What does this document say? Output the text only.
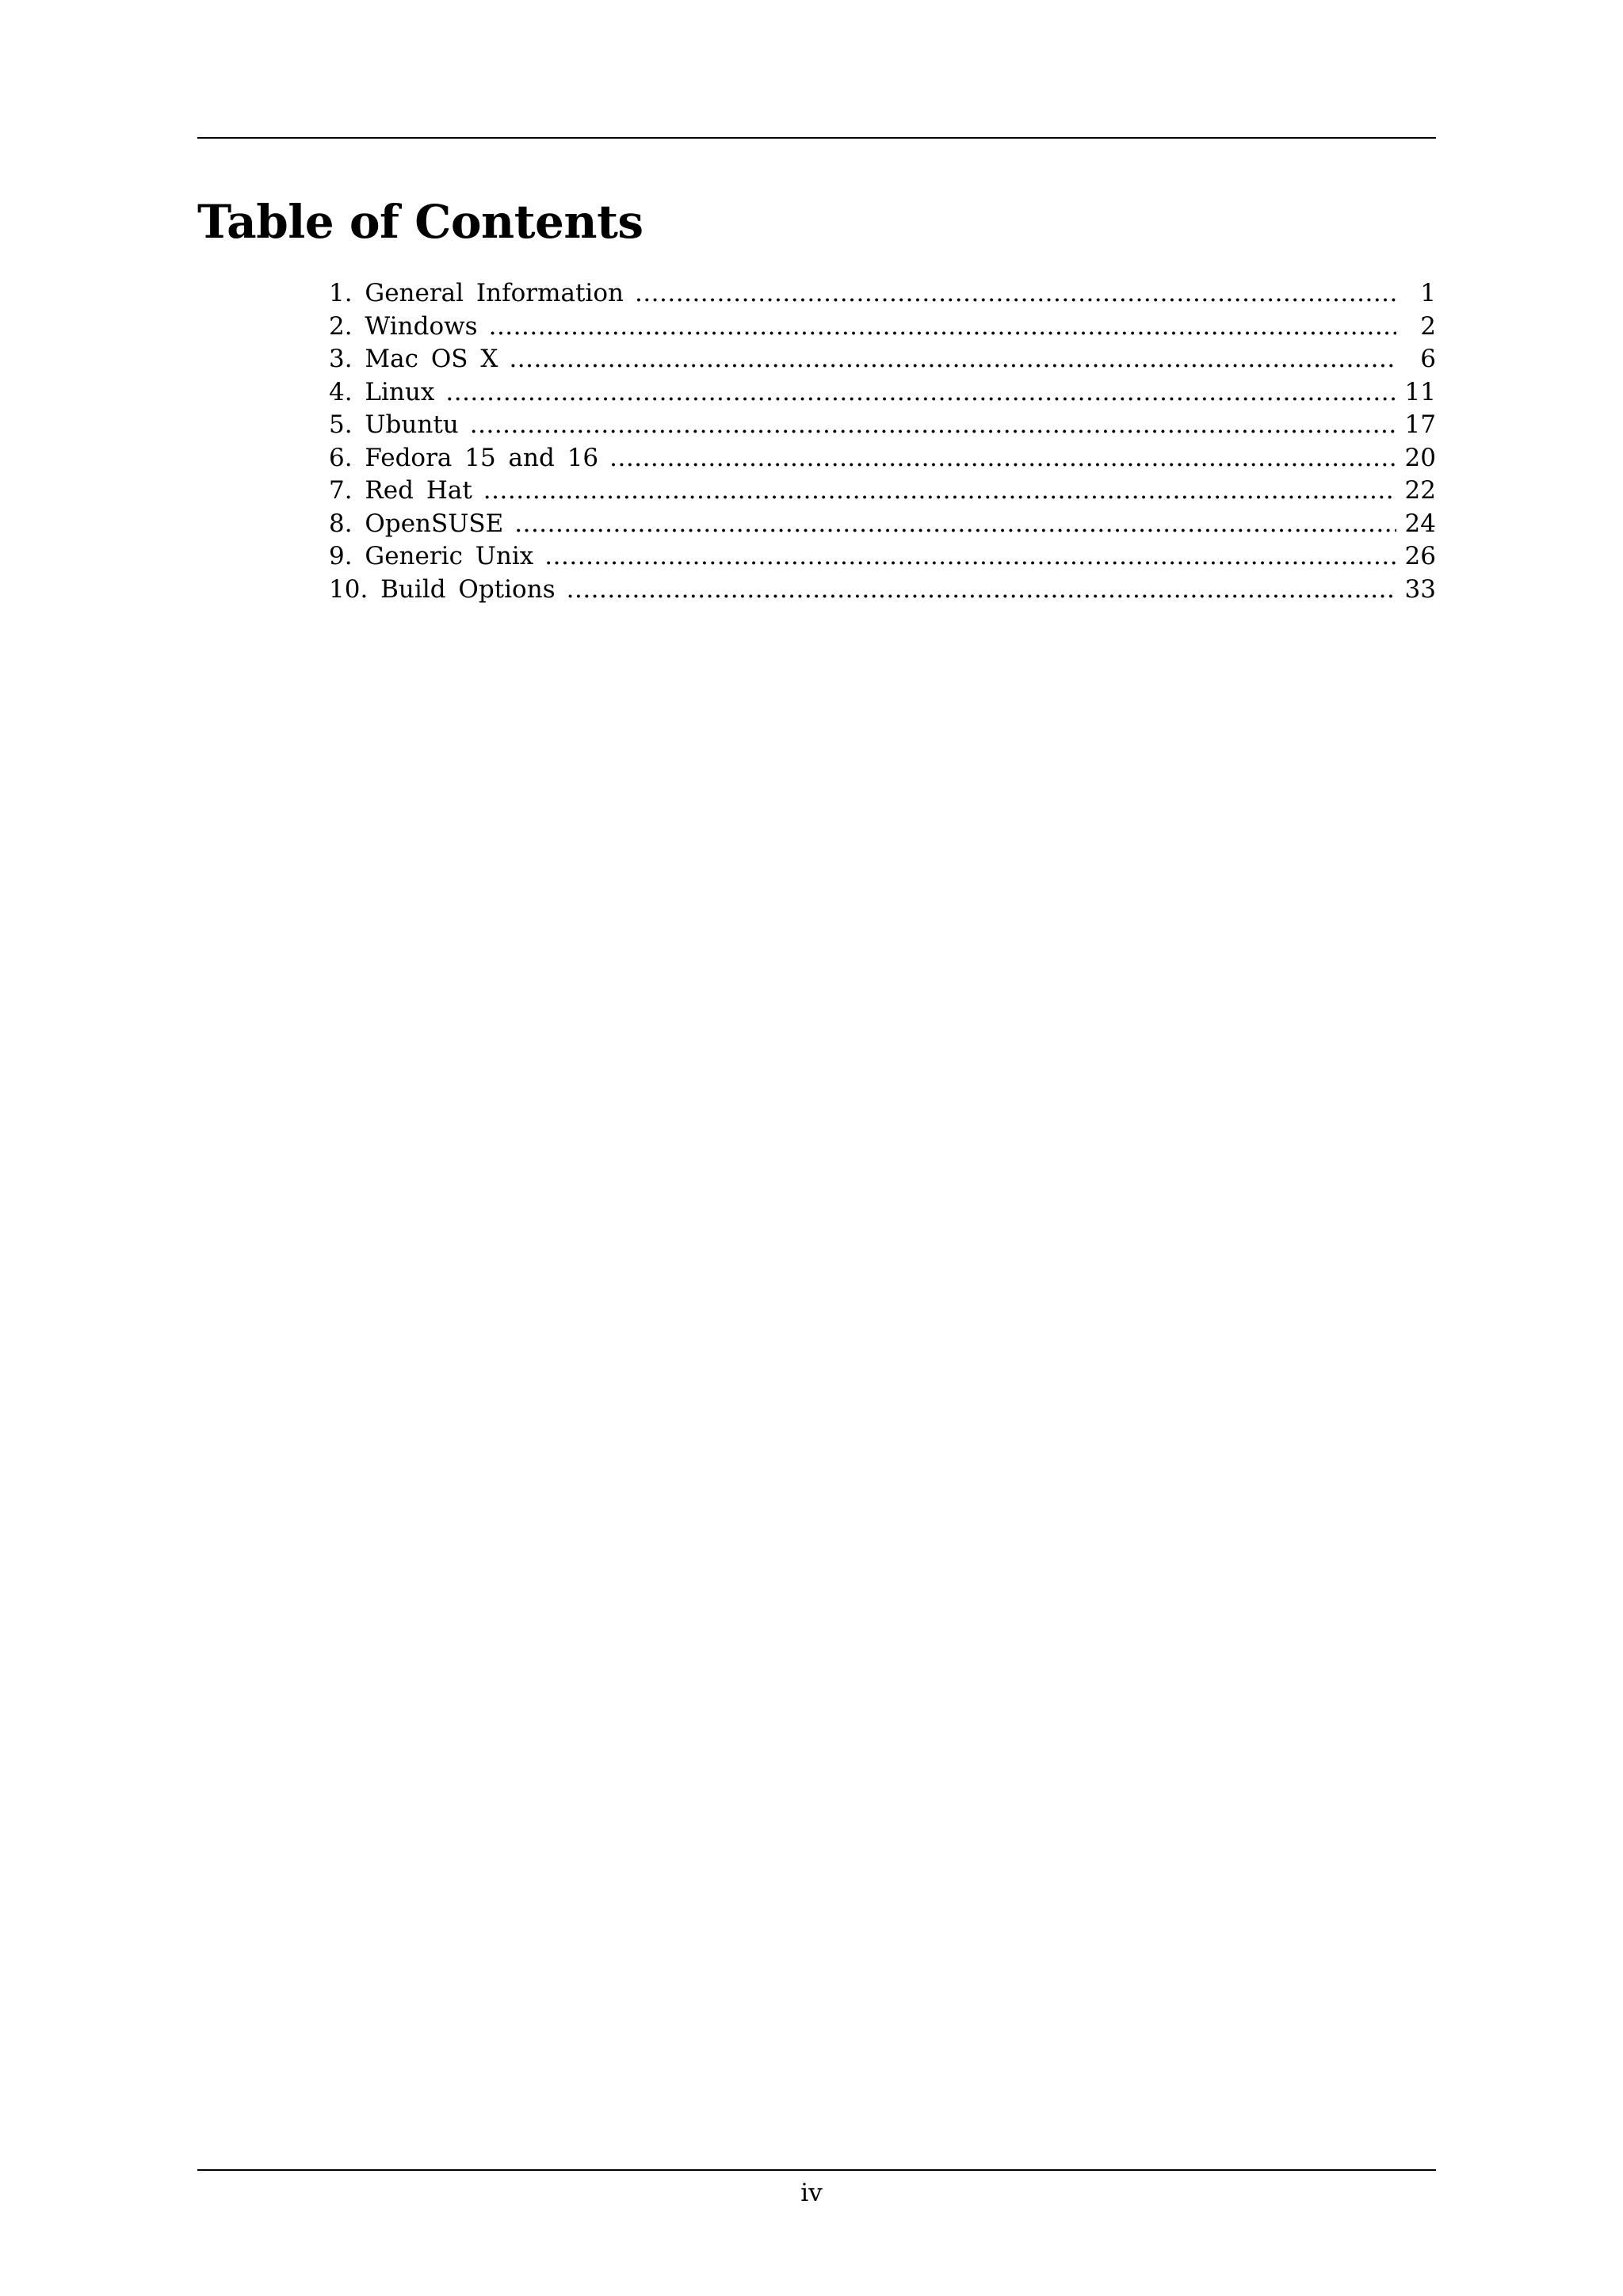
Table of Contents
1. General Information .....	1
2. Windows .....	2
3. Mac OS X .....	6
4. Linux .....	11
5. Ubuntu .....	17
6. Fedora 15 and 16 .....	20
7. Red Hat .....	22
8. OpenSUSE .....	24
9. Generic Unix .....	26
10. Build Options .....	33
iv
